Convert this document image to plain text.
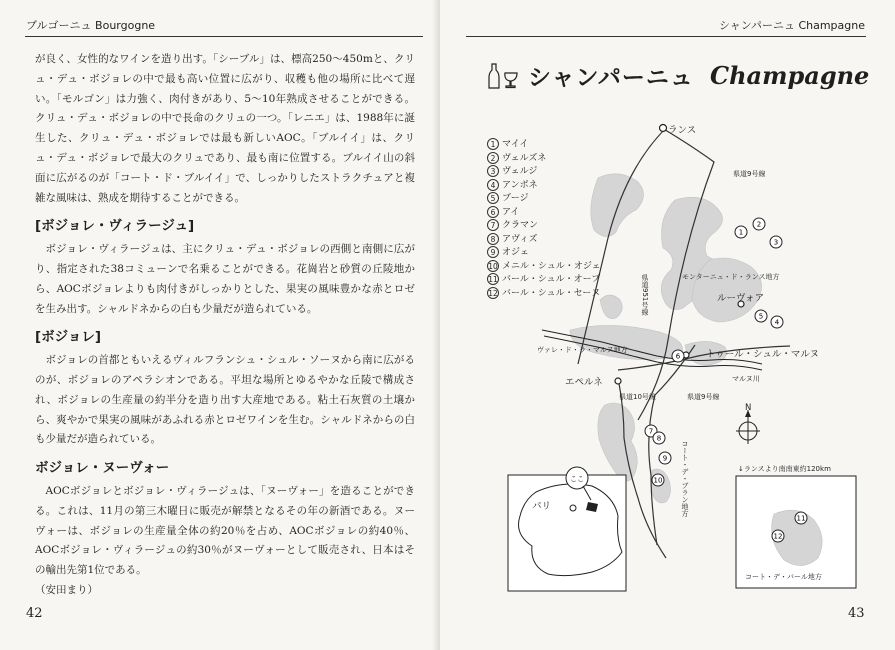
ブルゴーニュ Bourgogne

が良く、女性的なワインを造り出す。「シーブル」は、標高250～450mと、クリュ・デュ・ボジョレの中で最も高い位置に広がり、収穫も他の場所に比べて遅い。「モルゴン」は力強く、肉付きがあり、5～10年熟成させることができる。クリュ・デュ・ボジョレの中で長命のクリュの一つ。「レニエ」は、1988年に誕生した、クリュ・デュ・ボジョレでは最も新しいAOC。「ブルイイ」は、クリュ・デュ・ボジョレで最大のクリュであり、最も南に位置する。ブルイイ山の斜面に広がるのが「コート・ド・ブルイイ」で、しっかりしたストラクチュアと複雑な風味は、熟成を期待することができる。

[ボジョレ・ヴィラージュ]

ボジョレ・ヴィラージュは、主にクリュ・デュ・ボジョレの西側と南側に広がり、指定された38コミューンで名乗ることができる。花崗岩と砂質の丘陵地から、AOCボジョレよりも肉付きがしっかりとした、果実の風味豊かな赤とロゼを生み出す。シャルドネからの白も少量だが造られている。

[ボジョレ]

ボジョレの首都ともいえるヴィルフランシュ・シュル・ソーヌから南に広がるのが、ボジョレのアペラシオンである。平坦な場所とゆるやかな丘陵で構成され、ボジョレの生産量の約半分を造り出す大産地である。粘土石灰質の土壌から、爽やかで果実の風味があふれる赤とロゼワインを生む。シャルドネからの白も少量だが造られている。

ボジョレ・ヌーヴォー

AOCボジョレとボジョレ・ヴィラージュは、「ヌーヴォー」を造ることができる。これは、11月の第三木曜日に販売が解禁となるその年の新酒である。ヌーヴォーは、ボジョレの生産量全体の約20％を占め、AOCボジョレの約40％、AOCボジョレ・ヴィラージュの約30％がヌーヴォーとして販売され、日本はその輸出先第1位である。

（安田まり）

42
シャンパーニュ Champagne
シャンパーニュ Champagne
1
2
3
4
5
6
7
8
9
10
11
12
1 マイイ
2 ヴェルズネ
3 ヴェルジ
4 アンボネ
5 ブージ
6 アイ
7 クラマン
8 アヴィズ
9 オジェ
10 メニル・シュル・オジェ
11 バール・シュル・オーブ
12 バール・シュル・セーヌ
ランス
県道9号線
県道951号線	モンターニュ・ド・ランス地方
ルーヴォア
ヴァレ・ド・ラ・マルヌ地方	トゥール・シュル・マルヌ
マルヌ川
エペルネ
県道10号線	県道9号線
コート・デ・ブラン地方
N
ここ
パリ
↓ランスより南南東約120km
コート・デ・バール地方
43
